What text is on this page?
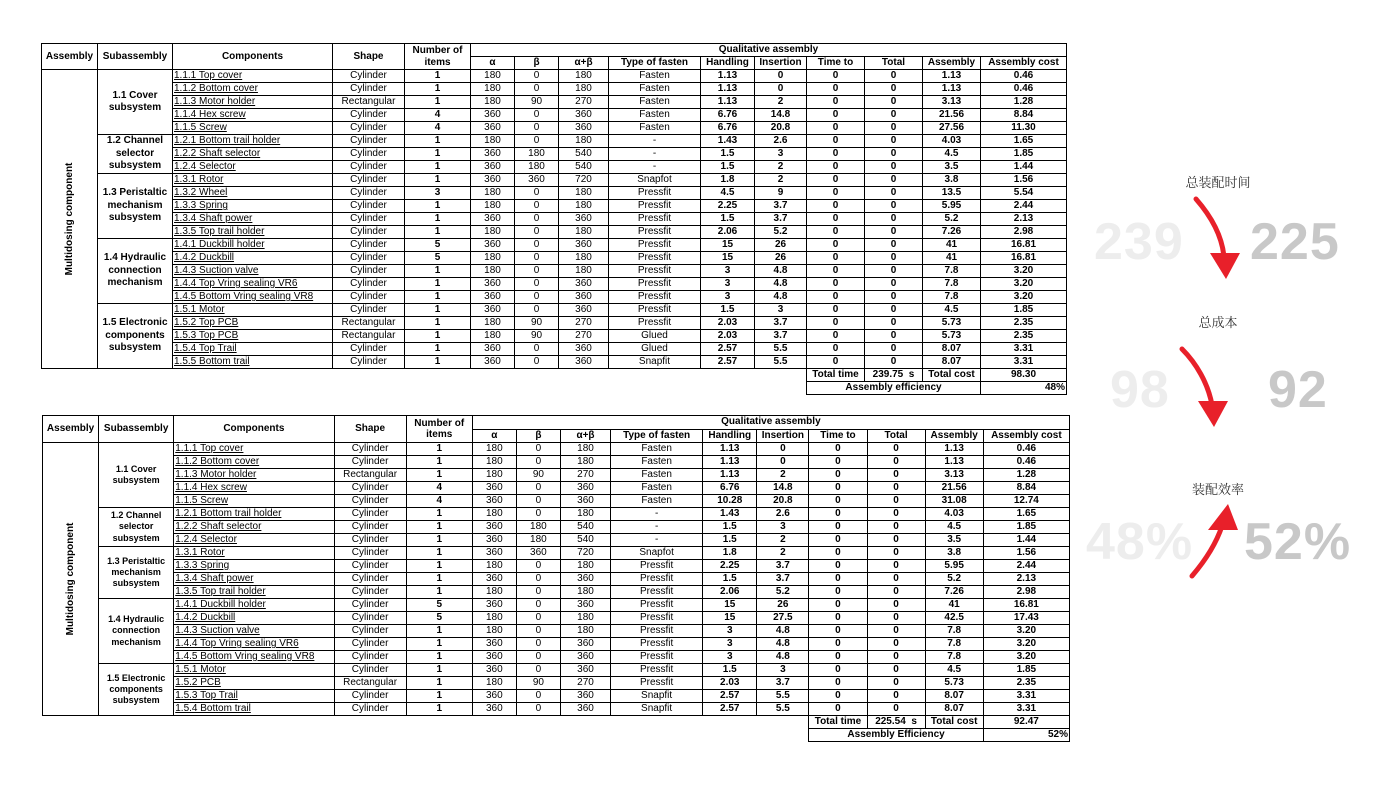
Assembly	Subassembly	Components	Shape	Number of items	Qualitative assembly									
					α	β	α+β	Type of fasten	Handling	Insertion	Time to	Total	Assembly	Assembly cost

Multidosing component	1.1 Cover subsystem	1.1.1 Top cover	Cylinder	1	180	0	180	Fasten	1.13	0	0	0	1.13	0.46
		1.1.2 Bottom cover	Cylinder	1	180	0	180	Fasten	1.13	0	0	0	1.13	0.46
		1.1.3 Motor holder	Rectangular	1	180	90	270	Fasten	1.13	2	0	0	3.13	1.28
		1.1.4 Hex screw	Cylinder	4	360	0	360	Fasten	6.76	14.8	0	0	21.56	8.84
		1.1.5 Screw	Cylinder	4	360	0	360	Fasten	6.76	20.8	0	0	27.56	11.30
	1.2 Channel selector subsystem	1.2.1 Bottom trail holder	Cylinder	1	180	0	180	-	1.43	2.6	0	0	4.03	1.65
		1.2.2 Shaft selector	Cylinder	1	360	180	540	-	1.5	3	0	0	4.5	1.85
		1.2.4 Selector	Cylinder	1	360	180	540	-	1.5	2	0	0	3.5	1.44
	1.3 Peristaltic mechanism subsystem	1.3.1 Rotor	Cylinder	1	360	360	720	Snapfot	1.8	2	0	0	3.8	1.56
		1.3.2 Wheel	Cylinder	3	180	0	180	Pressfit	4.5	9	0	0	13.5	5.54
		1.3.3 Spring	Cylinder	1	180	0	180	Pressfit	2.25	3.7	0	0	5.95	2.44
		1.3.4 Shaft power	Cylinder	1	360	0	360	Pressfit	1.5	3.7	0	0	5.2	2.13
		1.3.5 Top trail holder	Cylinder	1	180	0	180	Pressfit	2.06	5.2	0	0	7.26	2.98
	1.4 Hydraulic connection mechanism	1.4.1 Duckbill holder	Cylinder	5	360	0	360	Pressfit	15	26	0	0	41	16.81
		1.4.2 Duckbill	Cylinder	5	180	0	180	Pressfit	15	26	0	0	41	16.81
		1.4.3 Suction valve	Cylinder	1	180	0	180	Pressfit	3	4.8	0	0	7.8	3.20
		1.4.4 Top Vring sealing VR6	Cylinder	1	360	0	360	Pressfit	3	4.8	0	0	7.8	3.20
		1.4.5 Bottom Vring sealing VR8	Cylinder	1	360	0	360	Pressfit	3	4.8	0	0	7.8	3.20
	1.5 Electronic components subsystem	1.5.1 Motor	Cylinder	1	360	0	360	Pressfit	1.5	3	0	0	4.5	1.85
		1.5.2 Top PCB	Rectangular	1	180	90	270	Pressfit	2.03	3.7	0	0	5.73	2.35
		1.5.3 Top PCB	Rectangular	1	180	90	270	Glued	2.03	3.7	0	0	5.73	2.35
		1.5.4 Top Trail	Cylinder	1	360	0	360	Glued	2.57	5.5	0	0	8.07	3.31
		1.5.5 Bottom trail	Cylinder	1	360	0	360	Snapfit	2.57	5.5	0	0	8.07	3.31
											Total time	239.75  s	Total cost	98.30
											Assembly efficiency			48%
Assembly	Subassembly	Components	Shape	Number of items	Qualitative assembly									
					α	β	α+β	Type of fasten	Handling	Insertion	Time to	Total	Assembly	Assembly cost

Multidosing component	1.1 Cover subsystem	1.1.1 Top cover	Cylinder	1	180	0	180	Fasten	1.13	0	0	0	1.13	0.46
		1.1.2 Bottom cover	Cylinder	1	180	0	180	Fasten	1.13	0	0	0	1.13	0.46
		1.1.3 Motor holder	Rectangular	1	180	90	270	Fasten	1.13	2	0	0	3.13	1.28
		1.1.4 Hex screw	Cylinder	4	360	0	360	Fasten	6.76	14.8	0	0	21.56	8.84
		1.1.5 Screw	Cylinder	4	360	0	360	Fasten	10.28	20.8	0	0	31.08	12.74
	1.2 Channel selector subsystem	1.2.1 Bottom trail holder	Cylinder	1	180	0	180	-	1.43	2.6	0	0	4.03	1.65
		1.2.2 Shaft selector	Cylinder	1	360	180	540	-	1.5	3	0	0	4.5	1.85
		1.2.4 Selector	Cylinder	1	360	180	540	-	1.5	2	0	0	3.5	1.44
	1.3 Peristaltic mechanism subsystem	1.3.1 Rotor	Cylinder	1	360	360	720	Snapfot	1.8	2	0	0	3.8	1.56
		1.3.3 Spring	Cylinder	1	180	0	180	Pressfit	2.25	3.7	0	0	5.95	2.44
		1.3.4 Shaft power	Cylinder	1	360	0	360	Pressfit	1.5	3.7	0	0	5.2	2.13
		1.3.5 Top trail holder	Cylinder	1	180	0	180	Pressfit	2.06	5.2	0	0	7.26	2.98
	1.4 Hydraulic connection mechanism	1.4.1 Duckbill holder	Cylinder	5	360	0	360	Pressfit	15	26	0	0	41	16.81
		1.4.2 Duckbill	Cylinder	5	180	0	180	Pressfit	15	27.5	0	0	42.5	17.43
		1.4.3 Suction valve	Cylinder	1	180	0	180	Pressfit	3	4.8	0	0	7.8	3.20
		1.4.4 Top Vring sealing VR6	Cylinder	1	360	0	360	Pressfit	3	4.8	0	0	7.8	3.20
		1.4.5 Bottom Vring sealing VR8	Cylinder	1	360	0	360	Pressfit	3	4.8	0	0	7.8	3.20
	1.5 Electronic components subsystem	1.5.1 Motor	Cylinder	1	360	0	360	Pressfit	1.5	3	0	0	4.5	1.85
		1.5.2 PCB	Rectangular	1	180	90	270	Pressfit	2.03	3.7	0	0	5.73	2.35
		1.5.3 Top Trail	Cylinder	1	360	0	360	Snapfit	2.57	5.5	0	0	8.07	3.31
		1.5.4 Bottom trail	Cylinder	1	360	0	360	Snapfit	2.57	5.5	0	0	8.07	3.31
											Total time	225.54  s	Total cost	92.47
											Assembly Efficiency			52%
总装配时间
239 225
总成本
98 92
装配效率
48% 52%
